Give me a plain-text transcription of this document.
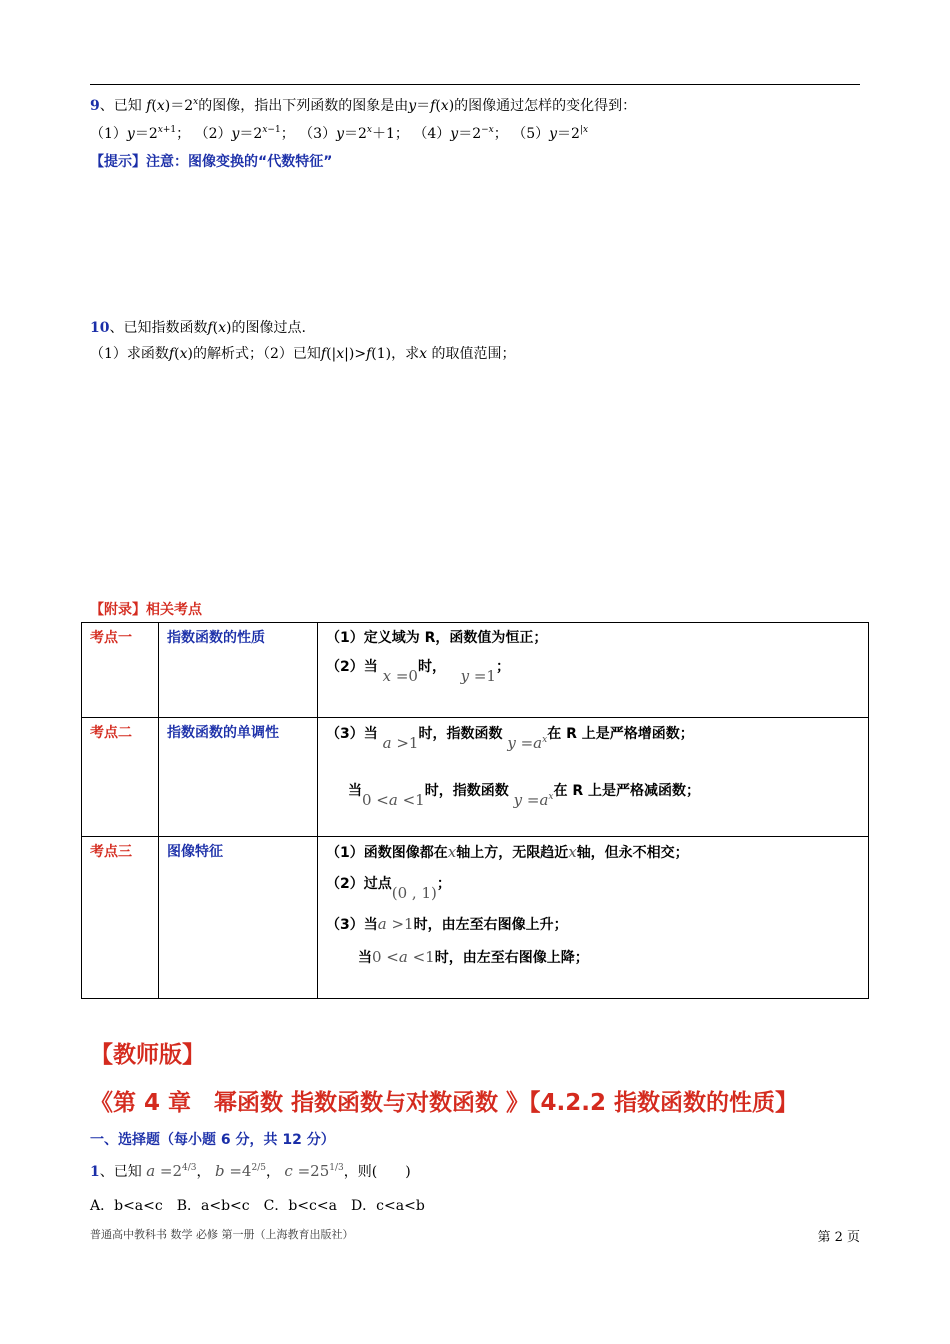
9、已知 $f(x)=2^x$的图像，指出下列函数的图象是由y＝f(x)的图像通过怎样的变化得到：
$(1)y=2^{x+1}$； $(2)y=2^{x-1}$； $(3)y=2^x+1$； $(4)y=2^{-x}$； $(5)y=2^{|x}$
【提示】注意：图像变换的“代数特征”
10、已知指数函数f(x)的图像过点.
（1）求函数f(x)的解析式；（2）已知f(|x|)>f(1)，求x 的取值范围；
【附录】相关考点
考点一	指数函数的性质	（1）定义域为 R，函数值为恒正；
（2）当 x =0时， y =1；

考点二	指数函数的单调性	（3）当 a >1时，指数函数 $y =a^x$在 R 上是严格增函数；
当0 <a <1时，指数函数 $y =a^x$在 R 上是严格减函数；

考点三	图像特征	（1）函数图像都在x轴上方，无限趋近x轴，但永不相交；
（2）过点(0 , 1)；
（3）当a >1时，由左至右图像上升；
当0 <a <1时，由左至右图像上降；
【教师版】
《第 4 章　幂函数 指数函数与对数函数 》【4.2.2 指数函数的性质】
一、选择题（每小题 6 分，共 12 分）
1、已知 $a =2^{4/3}$， $b =4^{2/5}$， $c =25^{1/3}$，则(　　)
A．b<a<c　B．a<b<c　C．b<c<a　D．c<a<b
普通高中教科书 数学 必修 第一册（上海教育出版社）	第 2 页
